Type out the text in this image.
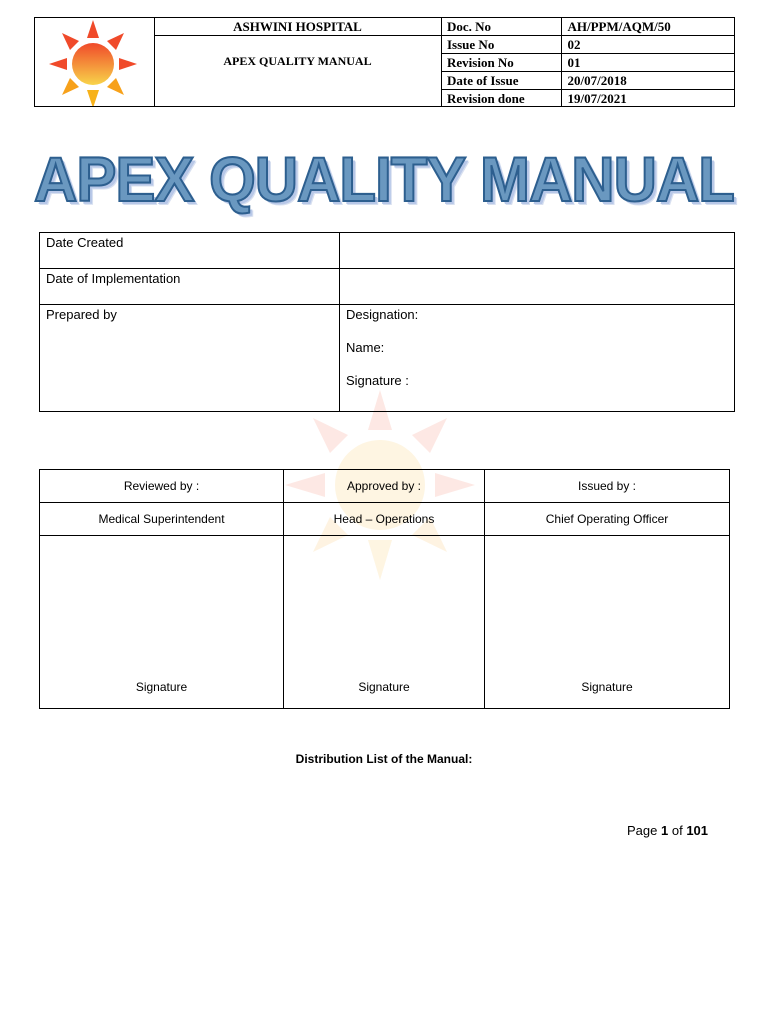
ASHWINI HOSPITAL
APEX QUALITY MANUAL
Doc. No	AH/PPM/AQM/50
Issue No	02
Revision No	01
Date of Issue	20/07/2018
Revision done	19/07/2021
APEX QUALITY MANUAL
Date Created	
Date of Implementation	
Prepared by	Designation:
Name:
Signature :
Reviewed by :	Approved by :	Issued by :
Medical Superintendent	Head – Operations	Chief Operating Officer
Signature	Signature	Signature
Distribution List of the Manual:
Page 1 of 101
